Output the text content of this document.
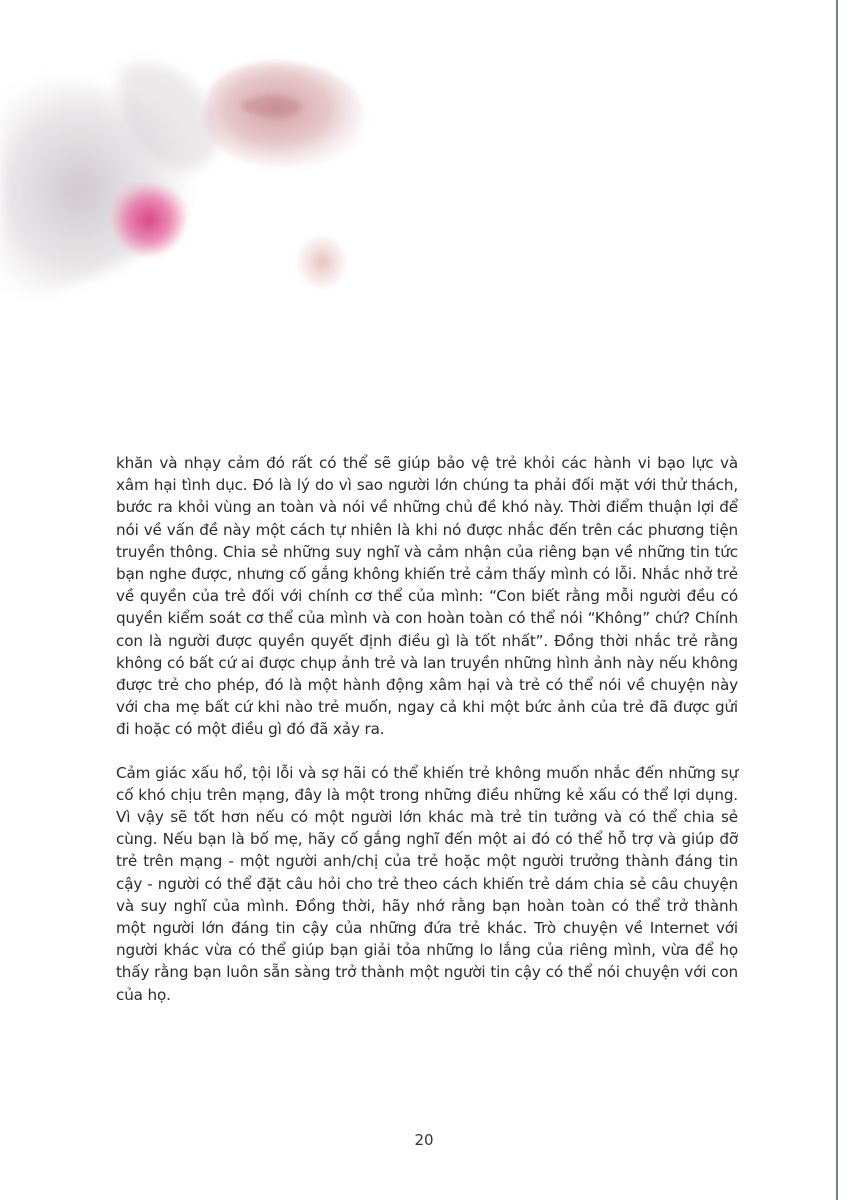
khăn và nhạy cảm đó rất có thể sẽ giúp bảo vệ trẻ khỏi các hành vi bạo lực và xâm hại tình dục. Đó là lý do vì sao người lớn chúng ta phải đối mặt với thử thách, bước ra khỏi vùng an toàn và nói về những chủ đề khó này. Thời điểm thuận lợi để nói về vấn đề này một cách tự nhiên là khi nó được nhắc đến trên các phương tiện truyền thông. Chia sẻ những suy nghĩ và cảm nhận của riêng bạn về những tin tức bạn nghe được, nhưng cố gắng không khiến trẻ cảm thấy mình có lỗi. Nhắc nhở trẻ về quyền của trẻ đối với chính cơ thể của mình: “Con biết rằng mỗi người đều có quyền kiểm soát cơ thể của mình và con hoàn toàn có thể nói “Không” chứ? Chính con là người được quyền quyết định điều gì là tốt nhất”. Đồng thời nhắc trẻ rằng không có bất cứ ai được chụp ảnh trẻ và lan truyền những hình ảnh này nếu không được trẻ cho phép, đó là một hành động xâm hại và trẻ có thể nói về chuyện này với cha mẹ bất cứ khi nào trẻ muốn, ngay cả khi một bức ảnh của trẻ đã được gửi đi hoặc có một điều gì đó đã xảy ra.

Cảm giác xấu hổ, tội lỗi và sợ hãi có thể khiến trẻ không muốn nhắc đến những sự cố khó chịu trên mạng, đây là một trong những điều những kẻ xấu có thể lợi dụng. Vì vậy sẽ tốt hơn nếu có một người lớn khác mà trẻ tin tưởng và có thể chia sẻ cùng. Nếu bạn là bố mẹ, hãy cố gắng nghĩ đến một ai đó có thể hỗ trợ và giúp đỡ trẻ trên mạng - một người anh/chị của trẻ hoặc một người trưởng thành đáng tin cậy - người có thể đặt câu hỏi cho trẻ theo cách khiến trẻ dám chia sẻ câu chuyện và suy nghĩ của mình. Đồng thời, hãy nhớ rằng bạn hoàn toàn có thể trở thành một người lớn đáng tin cậy của những đứa trẻ khác. Trò chuyện về Internet với người khác vừa có thể giúp bạn giải tỏa những lo lắng của riêng mình, vừa để họ thấy rằng bạn luôn sẵn sàng trở thành một người tin cậy có thể nói chuyện với con của họ.

20
